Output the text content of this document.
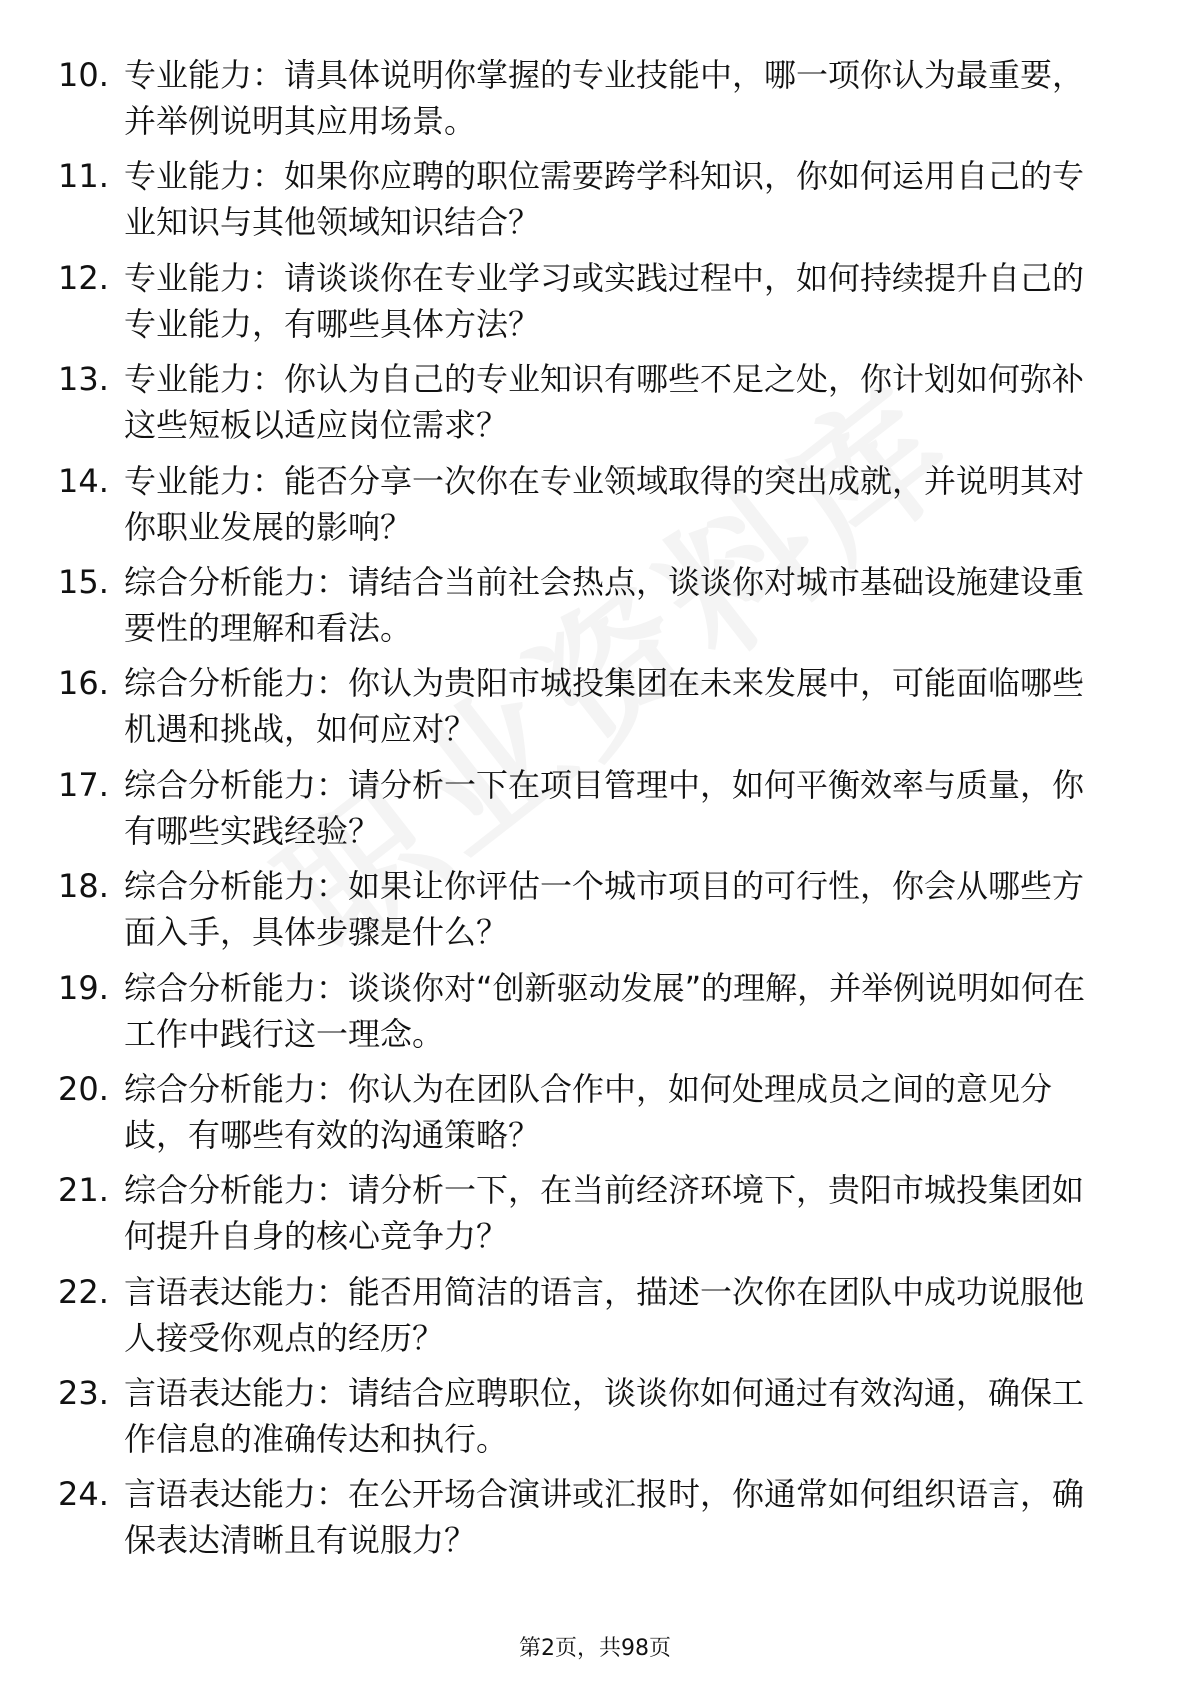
10. 专业能力：请具体说明你掌握的专业技能中，哪一项你认为最重要，并举例说明其应用场景。
11. 专业能力：如果你应聘的职位需要跨学科知识，你如何运用自己的专业知识与其他领域知识结合？
12. 专业能力：请谈谈你在专业学习或实践过程中，如何持续提升自己的专业能力，有哪些具体方法？
13. 专业能力：你认为自己的专业知识有哪些不足之处，你计划如何弥补这些短板以适应岗位需求？
14. 专业能力：能否分享一次你在专业领域取得的突出成就，并说明其对你职业发展的影响？
15. 综合分析能力：请结合当前社会热点，谈谈你对城市基础设施建设重要性的理解和看法。
16. 综合分析能力：你认为贵阳市城投集团在未来发展中，可能面临哪些机遇和挑战，如何应对？
17. 综合分析能力：请分析一下在项目管理中，如何平衡效率与质量，你有哪些实践经验？
18. 综合分析能力：如果让你评估一个城市项目的可行性，你会从哪些方面入手，具体步骤是什么？
19. 综合分析能力：谈谈你对“创新驱动发展”的理解，并举例说明如何在工作中践行这一理念。
20. 综合分析能力：你认为在团队合作中，如何处理成员之间的意见分歧，有哪些有效的沟通策略？
21. 综合分析能力：请分析一下，在当前经济环境下，贵阳市城投集团如何提升自身的核心竞争力？
22. 言语表达能力：能否用简洁的语言，描述一次你在团队中成功说服他人接受你观点的经历？
23. 言语表达能力：请结合应聘职位，谈谈你如何通过有效沟通，确保工作信息的准确传达和执行。
24. 言语表达能力：在公开场合演讲或汇报时，你通常如何组织语言，确保表达清晰且有说服力？
第2页，共98页
